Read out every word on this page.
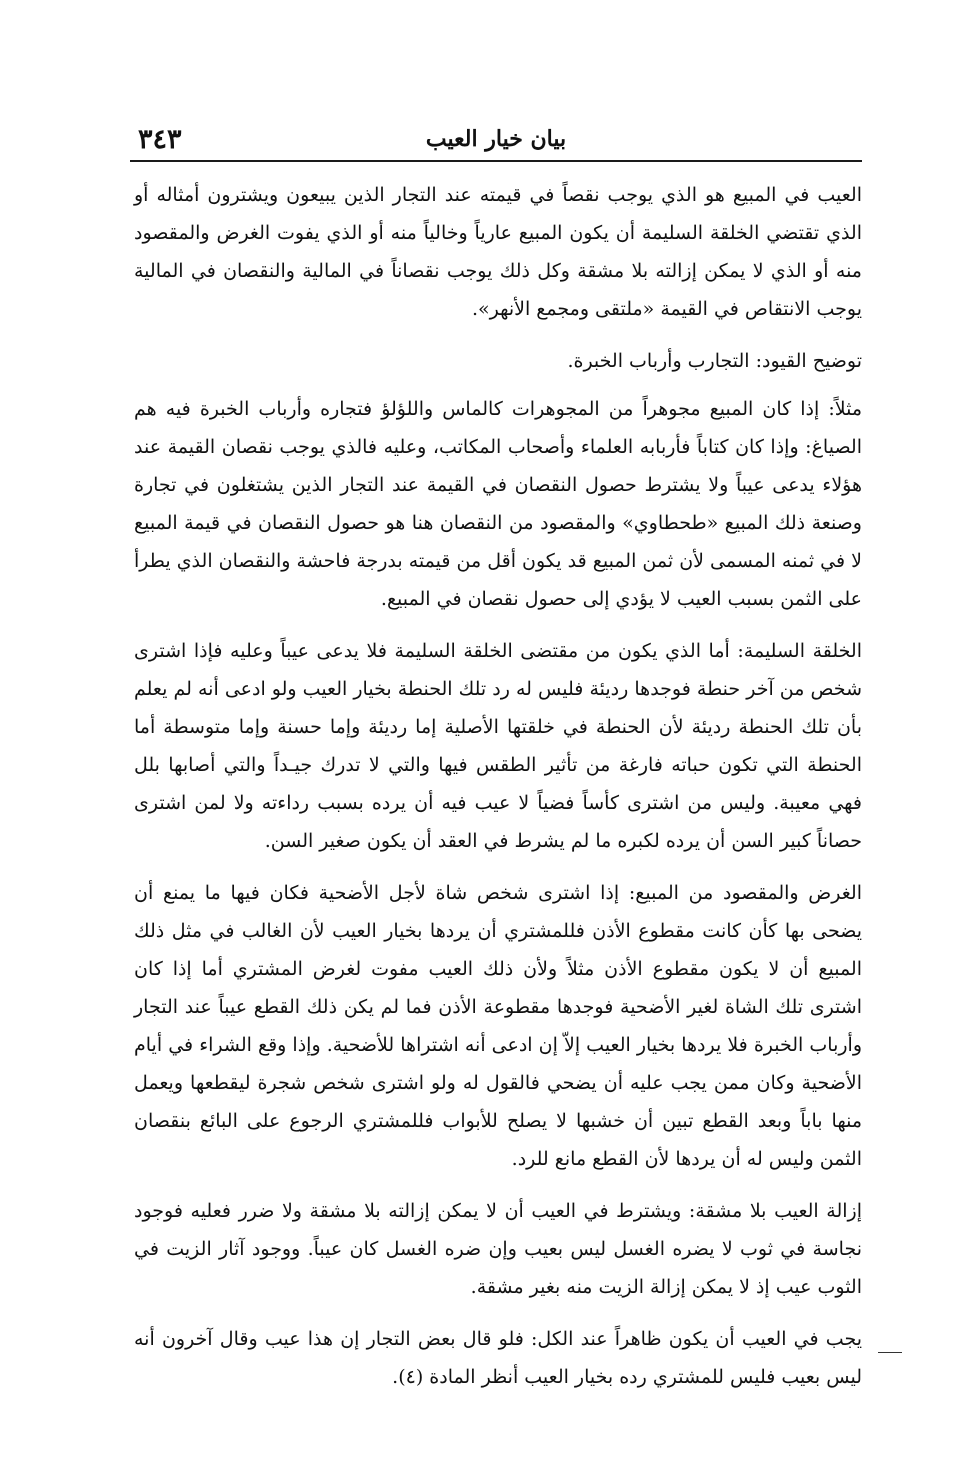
٣٤٣	بيان خيار العيب

العيب في المبيع هو الذي يوجب نقصاً في قيمته عند التجار الذين يبيعون ويشترون أمثاله أو الذي تقتضي الخلقة السليمة أن يكون المبيع عارياً وخالياً منه أو الذي يفوت الغرض والمقصود منه أو الذي لا يمكن إزالته بلا مشقة وكل ذلك يوجب نقصاناً في المالية والنقصان في المالية يوجب الانتقاص في القيمة «ملتقى ومجمع الأنهر».

توضيح القيود: التجارب وأرباب الخبرة.

مثلاً: إذا كان المبيع مجوهراً من المجوهرات كالماس واللؤلؤ فتجاره وأرباب الخبرة فيه هم الصياغ: وإذا كان كتاباً فأربابه العلماء وأصحاب المكاتب، وعليه فالذي يوجب نقصان القيمة عند هؤلاء يدعى عيباً ولا يشترط حصول النقصان في القيمة عند التجار الذين يشتغلون في تجارة وصنعة ذلك المبيع «طحطاوي» والمقصود من النقصان هنا هو حصول النقصان في قيمة المبيع لا في ثمنه المسمى لأن ثمن المبيع قد يكون أقل من قيمته بدرجة فاحشة والنقصان الذي يطرأ على الثمن بسبب العيب لا يؤدي إلى حصول نقصان في المبيع.

الخلقة السليمة: أما الذي يكون من مقتضى الخلقة السليمة فلا يدعى عيباً وعليه فإذا اشترى شخص من آخر حنطة فوجدها رديئة فليس له رد تلك الحنطة بخيار العيب ولو ادعى أنه لم يعلم بأن تلك الحنطة رديئة لأن الحنطة في خلقتها الأصلية إما رديئة وإما حسنة وإما متوسطة أما الحنطة التي تكون حباته فارغة من تأثير الطقس فيها والتي لا تدرك جيـداً والتي أصابها بلل فهي معيبة. وليس من اشترى كأساً فضياً لا عيب فيه أن يرده بسبب رداءته ولا لمن اشترى حصاناً كبير السن أن يرده لكبره ما لم يشرط في العقد أن يكون صغير السن.

الغرض والمقصود من المبيع: إذا اشترى شخص شاة لأجل الأضحية فكان فيها ما يمنع أن يضحى بها كأن كانت مقطوع الأذن فللمشتري أن يردها بخيار العيب لأن الغالب في مثل ذلك المبيع أن لا يكون مقطوع الأذن مثلاً ولأن ذلك العيب مفوت لغرض المشتري أما إذا كان اشترى تلك الشاة لغير الأضحية فوجدها مقطوعة الأذن فما لم يكن ذلك القطع عيباً عند التجار وأرباب الخبرة فلا يردها بخيار العيب إلاّ إن ادعى أنه اشتراها للأضحية. وإذا وقع الشراء في أيام الأضحية وكان ممن يجب عليه أن يضحي فالقول له ولو اشترى شخص شجرة ليقطعها ويعمل منها باباً وبعد القطع تبين أن خشبها لا يصلح للأبواب فللمشتري الرجوع على البائع بنقصان الثمن وليس له أن يردها لأن القطع مانع للرد.

إزالة العيب بلا مشقة: ويشترط في العيب أن لا يمكن إزالته بلا مشقة ولا ضرر فعليه فوجود نجاسة في ثوب لا يضره الغسل ليس بعيب وإن ضره الغسل كان عيباً. ووجود آثار الزيت في الثوب عيب إذ لا يمكن إزالة الزيت منه بغير مشقة.

يجب في العيب أن يكون ظاهراً عند الكل: فلو قال بعض التجار إن هذا عيب وقال آخرون أنه ليس بعيب فليس للمشتري رده بخيار العيب أنظر المادة (٤).
